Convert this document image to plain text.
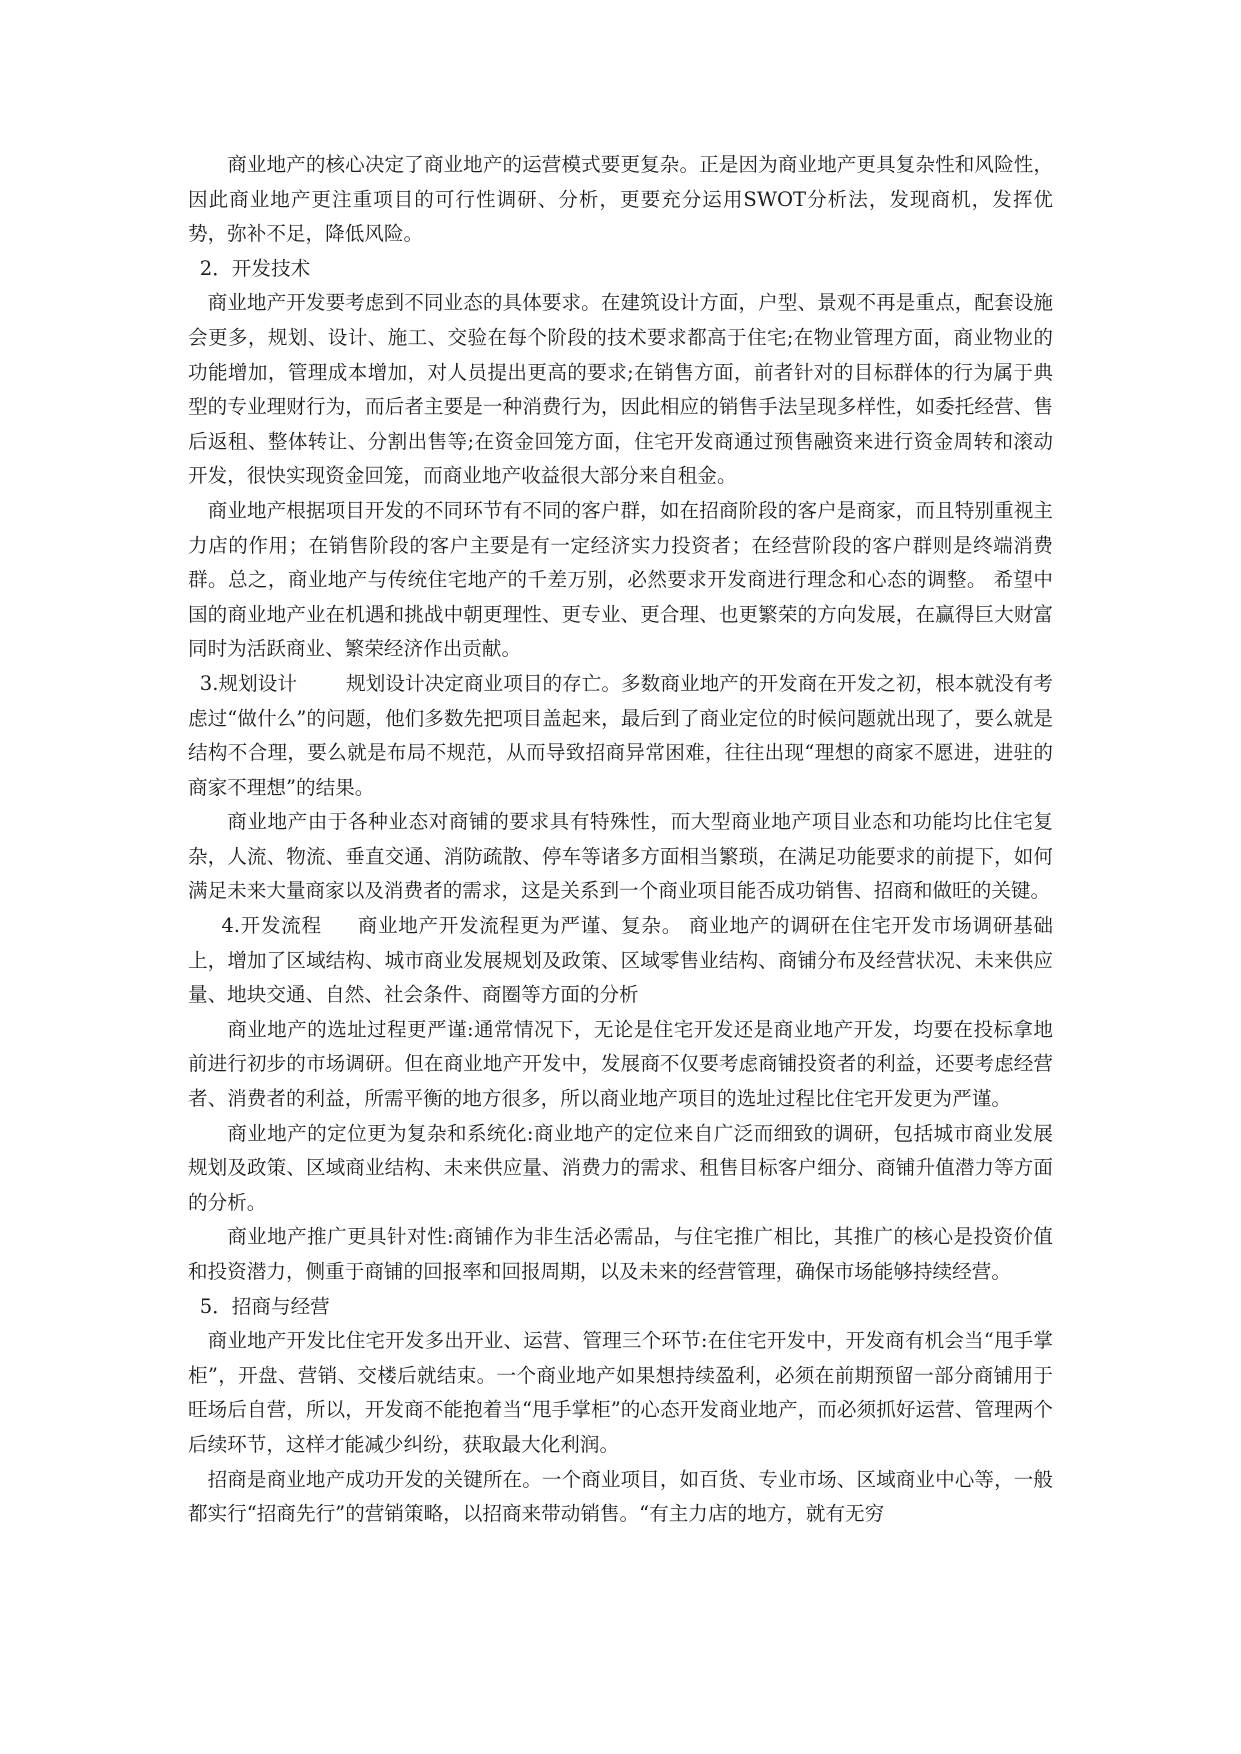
商业地产的核心决定了商业地产的运营模式要更复杂。正是因为商业地产更具复杂性和风险性，因此商业地产更注重项目的可行性调研、分析，更要充分运用SWOT分析法，发现商机，发挥优势，弥补不足，降低风险。

2．开发技术

商业地产开发要考虑到不同业态的具体要求。在建筑设计方面，户型、景观不再是重点，配套设施会更多，规划、设计、施工、交验在每个阶段的技术要求都高于住宅;在物业管理方面，商业物业的功能增加，管理成本增加，对人员提出更高的要求;在销售方面，前者针对的目标群体的行为属于典型的专业理财行为，而后者主要是一种消费行为，因此相应的销售手法呈现多样性，如委托经营、售后返租、整体转让、分割出售等;在资金回笼方面，住宅开发商通过预售融资来进行资金周转和滚动开发，很快实现资金回笼，而商业地产收益很大部分来自租金。

商业地产根据项目开发的不同环节有不同的客户群，如在招商阶段的客户是商家，而且特别重视主力店的作用；在销售阶段的客户主要是有一定经济实力投资者；在经营阶段的客户群则是终端消费群。总之，商业地产与传统住宅地产的千差万别，必然要求开发商进行理念和心态的调整。 希望中国的商业地产业在机遇和挑战中朝更理性、更专业、更合理、也更繁荣的方向发展，在赢得巨大财富同时为活跃商业、繁荣经济作出贡献。

3.规划设计	规划设计决定商业项目的存亡。多数商业地产的开发商在开发之初，根本就没有考虑过“做什么”的问题，他们多数先把项目盖起来，最后到了商业定位的时候问题就出现了，要么就是结构不合理，要么就是布局不规范，从而导致招商异常困难，往往出现“理想的商家不愿进，进驻的商家不理想”的结果。

商业地产由于各种业态对商铺的要求具有特殊性，而大型商业地产项目业态和功能均比住宅复杂，人流、物流、垂直交通、消防疏散、停车等诸多方面相当繁琐，在满足功能要求的前提下，如何满足未来大量商家以及消费者的需求，这是关系到一个商业项目能否成功销售、招商和做旺的关键。

4.开发流程 商业地产开发流程更为严谨、复杂。 商业地产的调研在住宅开发市场调研基础上，增加了区域结构、城市商业发展规划及政策、区域零售业结构、商铺分布及经营状况、未来供应量、地块交通、自然、社会条件、商圈等方面的分析

商业地产的选址过程更严谨:通常情况下，无论是住宅开发还是商业地产开发，均要在投标拿地前进行初步的市场调研。但在商业地产开发中，发展商不仅要考虑商铺投资者的利益，还要考虑经营者、消费者的利益，所需平衡的地方很多，所以商业地产项目的选址过程比住宅开发更为严谨。

商业地产的定位更为复杂和系统化:商业地产的定位来自广泛而细致的调研，包括城市商业发展规划及政策、区域商业结构、未来供应量、消费力的需求、租售目标客户细分、商铺升值潜力等方面的分析。

商业地产推广更具针对性:商铺作为非生活必需品，与住宅推广相比，其推广的核心是投资价值和投资潜力，侧重于商铺的回报率和回报周期，以及未来的经营管理，确保市场能够持续经营。

5．招商与经营

商业地产开发比住宅开发多出开业、运营、管理三个环节:在住宅开发中，开发商有机会当“甩手掌柜”，开盘、营销、交楼后就结束。一个商业地产如果想持续盈利，必须在前期预留一部分商铺用于旺场后自营，所以，开发商不能抱着当“甩手掌柜”的心态开发商业地产，而必须抓好运营、管理两个后续环节，这样才能减少纠纷，获取最大化利润。

招商是商业地产成功开发的关键所在。一个商业项目，如百货、专业市场、区域商业中心等，一般都实行“招商先行”的营销策略，以招商来带动销售。“有主力店的地方，就有无穷
